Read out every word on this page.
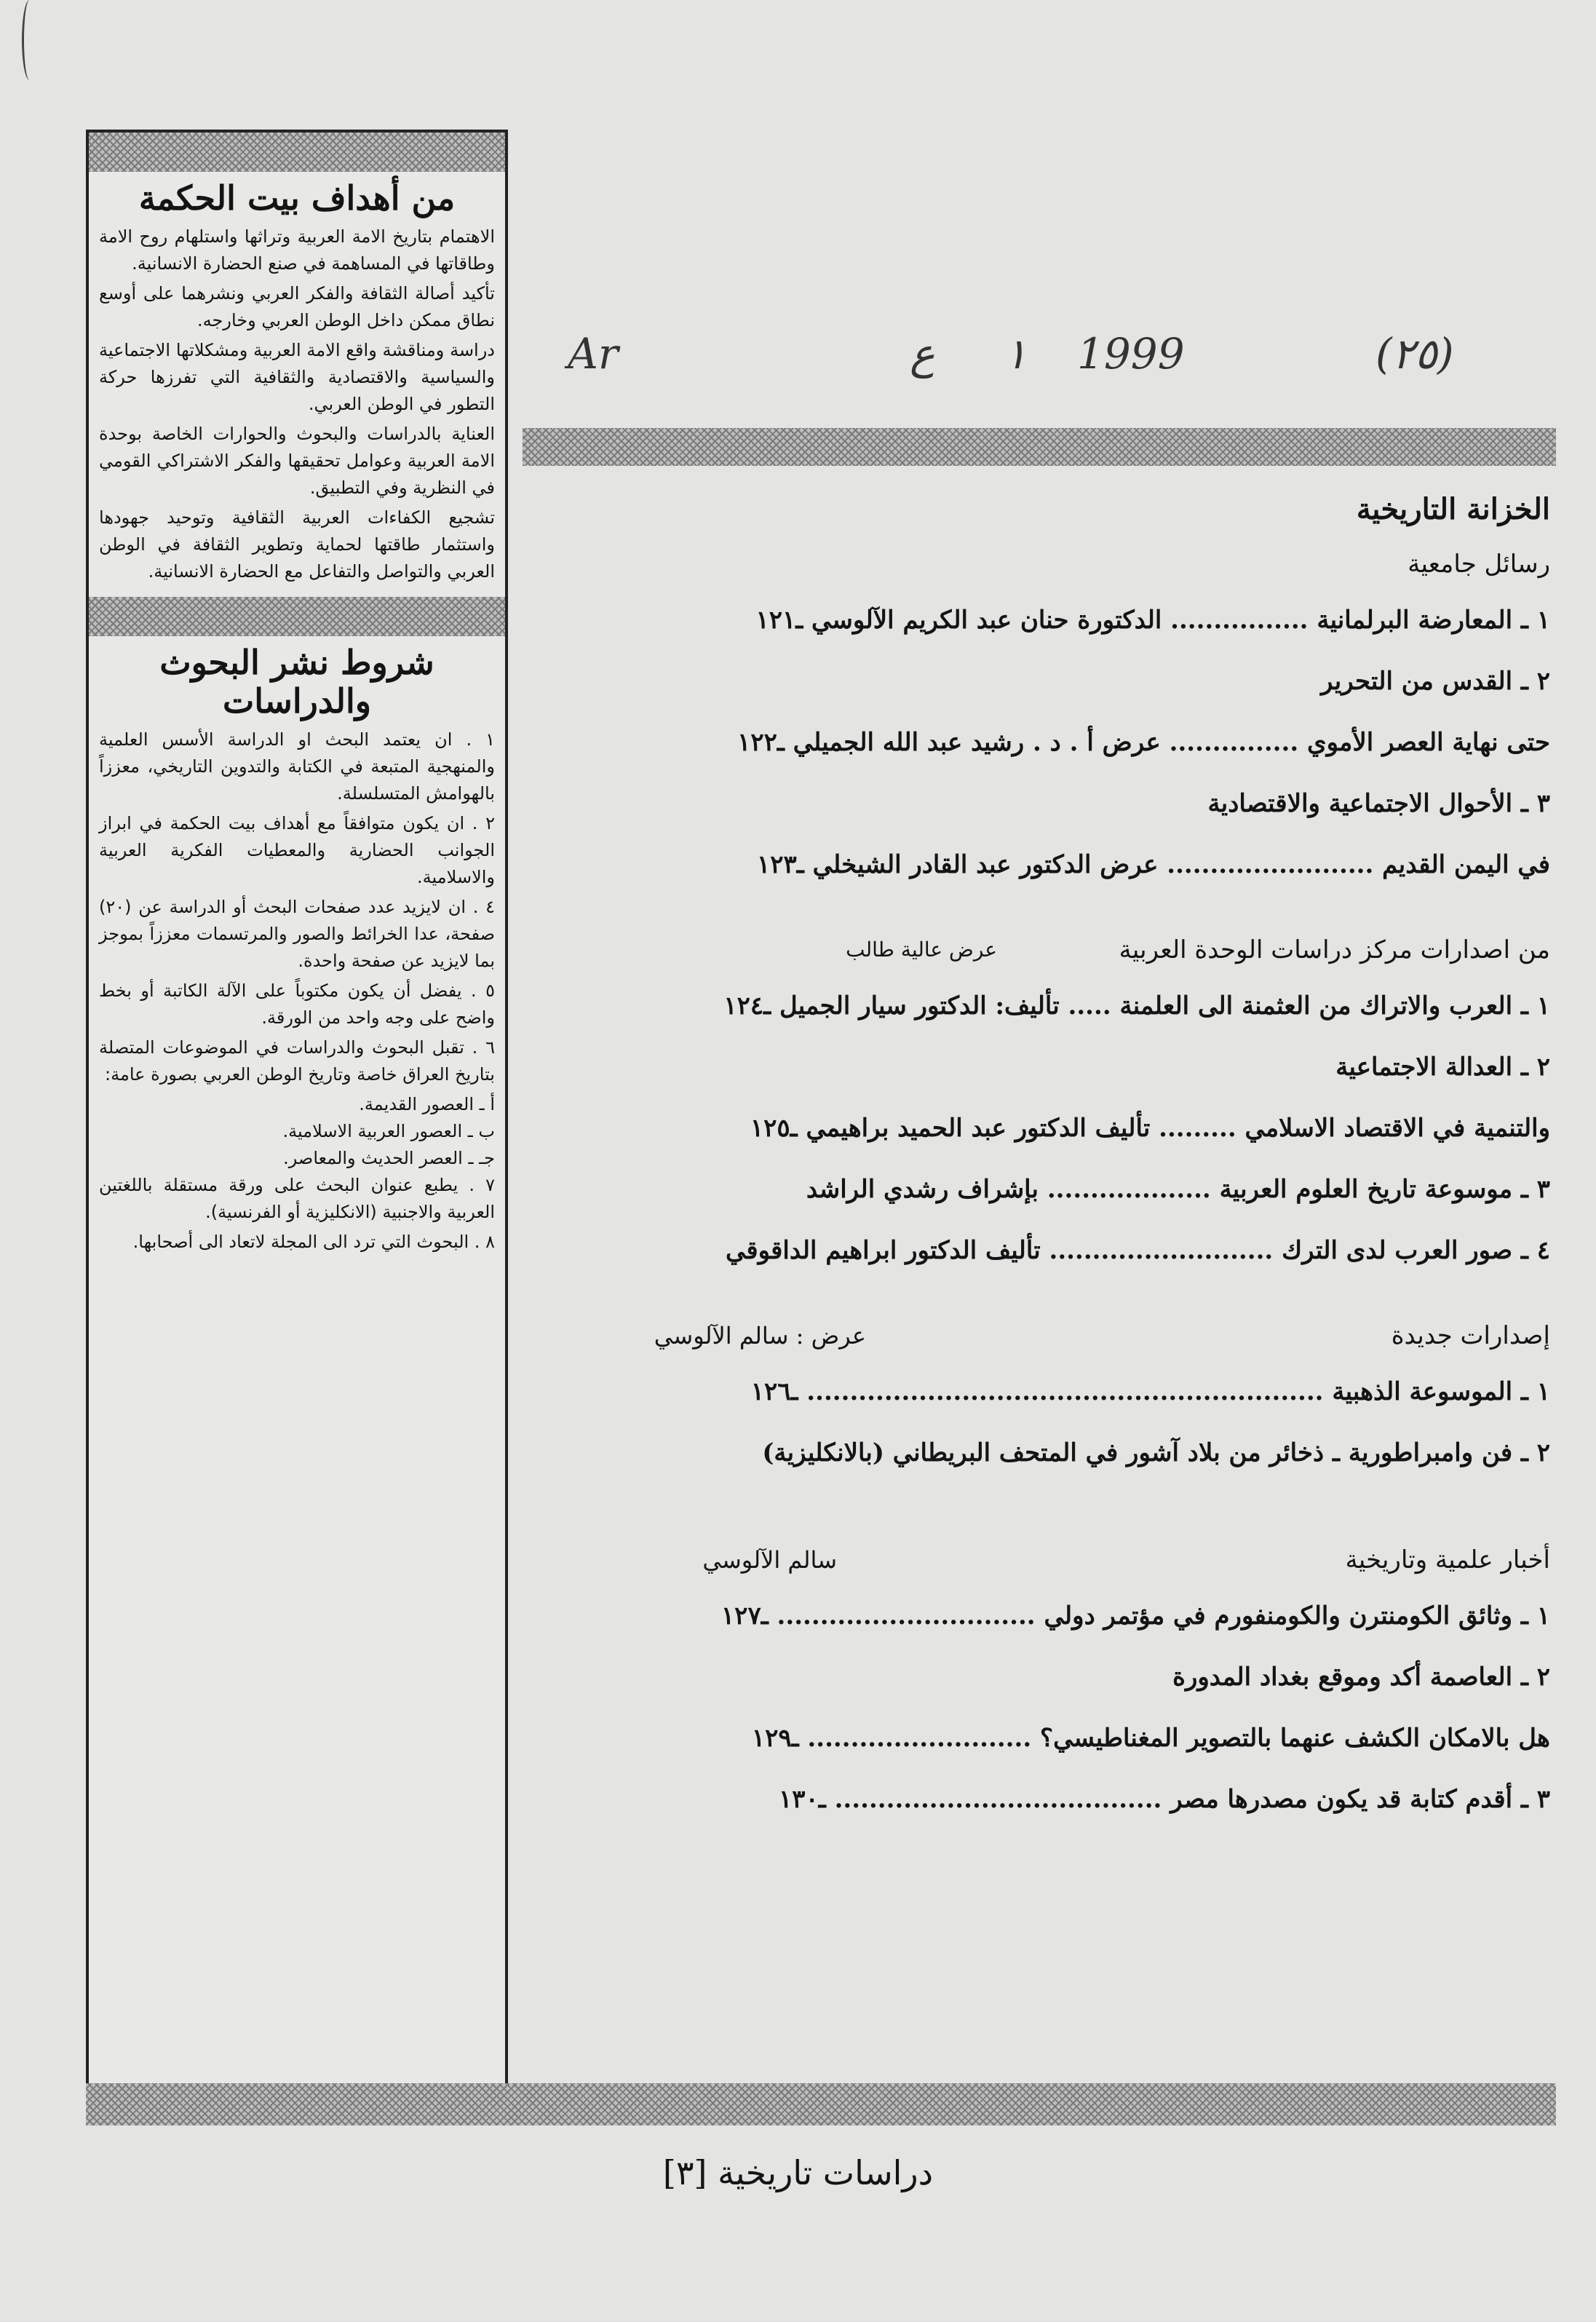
Ar	ع ١ 1999	(٢٥)
من أهداف بيت الحكمة

الاهتمام بتاريخ الامة العربية وتراثها واستلهام روح الامة وطاقاتها في المساهمة في صنع الحضارة الانسانية.

تأكيد أصالة الثقافة والفكر العربي ونشرهما على أوسع نطاق ممكن داخل الوطن العربي وخارجه.

دراسة ومناقشة واقع الامة العربية ومشكلاتها الاجتماعية والسياسية والاقتصادية والثقافية التي تفرزها حركة التطور في الوطن العربي.

العناية بالدراسات والبحوث والحوارات الخاصة بوحدة الامة العربية وعوامل تحقيقها والفكر الاشتراكي القومي في النظرية وفي التطبيق.

تشجيع الكفاءات العربية الثقافية وتوحيد جهودها واستثمار طاقتها لحماية وتطوير الثقافة في الوطن العربي والتواصل والتفاعل مع الحضارة الانسانية.

شروط نشر البحوث والدراسات

١ . ان يعتمد البحث او الدراسة الأسس العلمية والمنهجية المتبعة في الكتابة والتدوين التاريخي، معززاً بالهوامش المتسلسلة.

٢ . ان يكون متوافقاً مع أهداف بيت الحكمة في ابراز الجوانب الحضارية والمعطيات الفكرية العربية والاسلامية.

٤ . ان لايزيد عدد صفحات البحث أو الدراسة عن (٢٠) صفحة، عدا الخرائط والصور والمرتسمات معززاً بموجز بما لايزيد عن صفحة واحدة.

٥ . يفضل أن يكون مكتوباً على الآلة الكاتبة أو بخط واضح على وجه واحد من الورقة.

٦ . تقبل البحوث والدراسات في الموضوعات المتصلة بتاريخ العراق خاصة وتاريخ الوطن العربي بصورة عامة:

أ ـ العصور القديمة.

ب ـ العصور العربية الاسلامية.

جـ ـ العصر الحديث والمعاصر.

٧ . يطبع عنوان البحث على ورقة مستقلة باللغتين العربية والاجنبية (الانكليزية أو الفرنسية).

٨ . البحوث التي ترد الى المجلة لاتعاد الى أصحابها.

الخزانة التاريخية
رسائل جامعية
١ ـ المعارضة البرلمانية ................ الدكتورة حنان عبد الكريم الآلوسي ـ١٢١
٢ ـ القدس من التحرير
حتى نهاية العصر الأموي ............... عرض أ . د . رشيد عبد الله الجميلي ـ١٢٢
٣ ـ الأحوال الاجتماعية والاقتصادية
في اليمن القديم ........................ عرض الدكتور عبد القادر الشيخلي ـ١٢٣
من اصدارات مركز دراسات الوحدة العربية
عرض عالية طالب
١ ـ العرب والاتراك من العثمنة الى العلمنة ..... تأليف: الدكتور سيار الجميل ـ١٢٤
٢ ـ العدالة الاجتماعية
والتنمية في الاقتصاد الاسلامي ......... تأليف الدكتور عبد الحميد براهيمي ـ١٢٥
٣ ـ موسوعة تاريخ العلوم العربية ................... بإشراف رشدي الراشد
٤ ـ صور العرب لدى الترك .......................... تأليف الدكتور ابراهيم الداقوقي
إصدارات جديدة
عرض : سالم الآلوسي
١ ـ الموسوعة الذهبية ............................................................ ـ١٢٦
٢ ـ فن وامبراطورية ـ ذخائر من بلاد آشور في المتحف البريطاني (بالانكليزية)
أخبار علمية وتاريخية
سالم الآلوسي
١ ـ وثائق الكومنترن والكومنفورم في مؤتمر دولي .............................. ـ١٢٧
٢ ـ العاصمة أكد وموقع بغداد المدورة
هل بالامكان الكشف عنهما بالتصوير المغناطيسي؟ .......................... ـ١٢٩
٣ ـ أقدم كتابة قد يكون مصدرها مصر ...................................... ـ١٣٠
دراسات تاريخية [٣]
